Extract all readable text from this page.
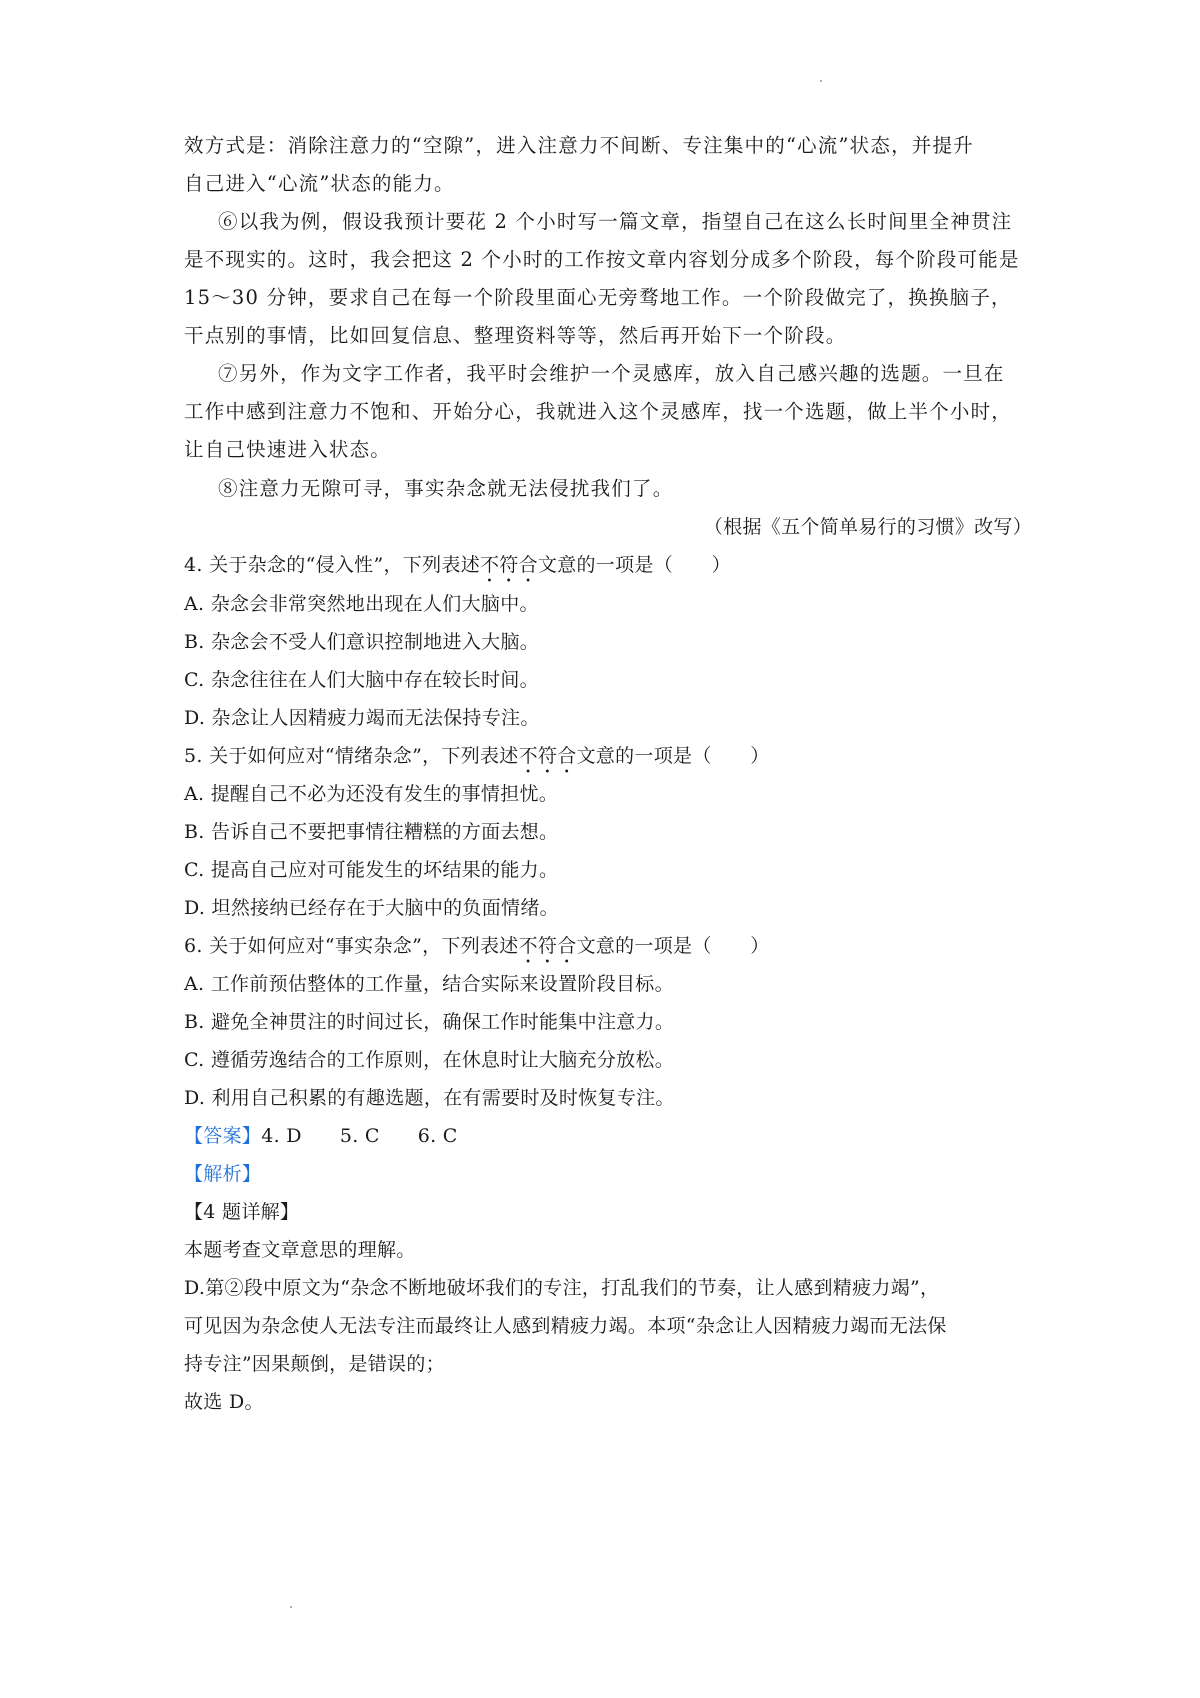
效方式是：消除注意力的“空隙”，进入注意力不间断、专注集中的“心流”状态，并提升
自己进入“心流”状态的能力。
⑥以我为例，假设我预计要花 2 个小时写一篇文章，指望自己在这么长时间里全神贯注
是不现实的。这时，我会把这 2 个小时的工作按文章内容划分成多个阶段，每个阶段可能是
15～30 分钟，要求自己在每一个阶段里面心无旁骛地工作。一个阶段做完了，换换脑子，
干点别的事情，比如回复信息、整理资料等等，然后再开始下一个阶段。
⑦另外，作为文字工作者，我平时会维护一个灵感库，放入自己感兴趣的选题。一旦在
工作中感到注意力不饱和、开始分心，我就进入这个灵感库，找一个选题，做上半个小时，
让自己快速进入状态。
⑧注意力无隙可寻，事实杂念就无法侵扰我们了。
（根据《五个简单易行的习惯》改写）
4. 关于杂念的“侵入性”，下列表述不符合文意的一项是（　　）
A. 杂念会非常突然地出现在人们大脑中。
B. 杂念会不受人们意识控制地进入大脑。
C. 杂念往往在人们大脑中存在较长时间。
D. 杂念让人因精疲力竭而无法保持专注。
5. 关于如何应对“情绪杂念”，下列表述不符合文意的一项是（　　）
A. 提醒自己不必为还没有发生的事情担忧。
B. 告诉自己不要把事情往糟糕的方面去想。
C. 提高自己应对可能发生的坏结果的能力。
D. 坦然接纳已经存在于大脑中的负面情绪。
6. 关于如何应对“事实杂念”，下列表述不符合文意的一项是（　　）
A. 工作前预估整体的工作量，结合实际来设置阶段目标。
B. 避免全神贯注的时间过长，确保工作时能集中注意力。
C. 遵循劳逸结合的工作原则，在休息时让大脑充分放松。
D. 利用自己积累的有趣选题，在有需要时及时恢复专注。
【答案】4. D 5. C 6. C
【解析】
【4 题详解】
本题考查文章意思的理解。
D.第②段中原文为“杂念不断地破坏我们的专注，打乱我们的节奏，让人感到精疲力竭”，
可见因为杂念使人无法专注而最终让人感到精疲力竭。本项“杂念让人因精疲力竭而无法保
持专注”因果颠倒，是错误的；
故选 D。
